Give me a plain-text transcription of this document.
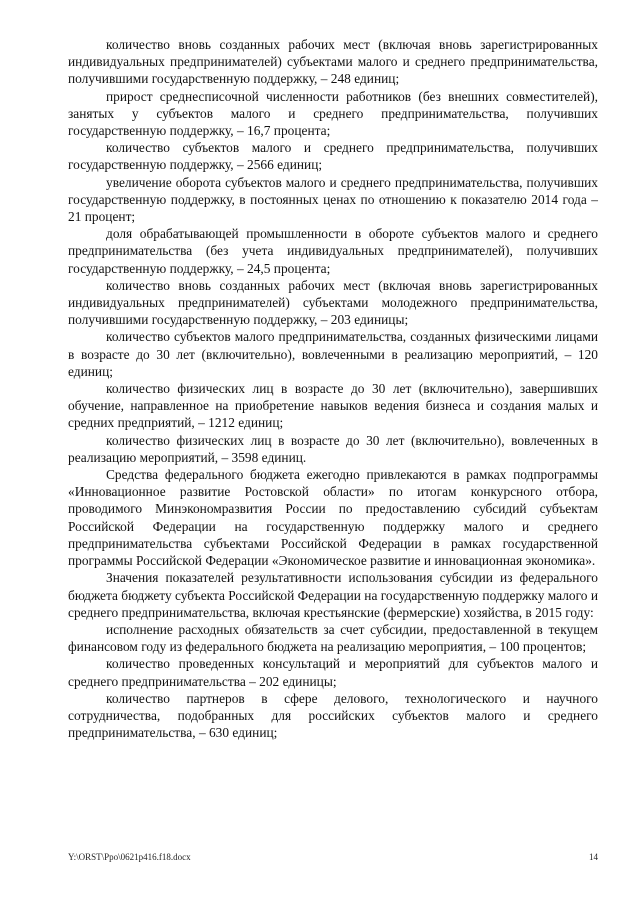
количество вновь созданных рабочих мест (включая вновь зарегистрированных индивидуальных предпринимателей) субъектами малого и среднего предпринимательства, получившими государственную поддержку, – 248 единиц;

прирост среднесписочной численности работников (без внешних совместителей), занятых у субъектов малого и среднего предпринимательства, получивших государственную поддержку, – 16,7 процента;

количество субъектов малого и среднего предпринимательства, получивших государственную поддержку, – 2566 единиц;

увеличение оборота субъектов малого и среднего предпринимательства, получивших государственную поддержку, в постоянных ценах по отношению к показателю 2014 года – 21 процент;

доля обрабатывающей промышленности в обороте субъектов малого и среднего предпринимательства (без учета индивидуальных предпринимателей), получивших государственную поддержку, – 24,5 процента;

количество вновь созданных рабочих мест (включая вновь зарегистрированных индивидуальных предпринимателей) субъектами молодежного предпринимательства, получившими государственную поддержку, – 203 единицы;

количество субъектов малого предпринимательства, созданных физическими лицами в возрасте до 30 лет (включительно), вовлеченными в реализацию мероприятий, – 120 единиц;

количество физических лиц в возрасте до 30 лет (включительно), завершивших обучение, направленное на приобретение навыков ведения бизнеса и создания малых и средних предприятий, – 1212 единиц;

количество физических лиц в возрасте до 30 лет (включительно), вовлеченных в реализацию мероприятий, – 3598 единиц.

Средства федерального бюджета ежегодно привлекаются в рамках подпрограммы «Инновационное развитие Ростовской области» по итогам конкурсного отбора, проводимого Минэкономразвития России по предоставлению субсидий субъектам Российской Федерации на государственную поддержку малого и среднего предпринимательства субъектами Российской Федерации в рамках государственной программы Российской Федерации «Экономическое развитие и инновационная экономика».

Значения показателей результативности использования субсидии из федерального бюджета бюджету субъекта Российской Федерации на государственную поддержку малого и среднего предпринимательства, включая крестьянские (фермерские) хозяйства, в 2015 году:

исполнение расходных обязательств за счет субсидии, предоставленной в текущем финансовом году из федерального бюджета на реализацию мероприятия, – 100 процентов;

количество проведенных консультаций и мероприятий для субъектов малого и среднего предпринимательства – 202 единицы;

количество партнеров в сфере делового, технологического и научного сотрудничества, подобранных для российских субъектов малого и среднего предпринимательства, – 630 единиц;

Y:\ORST\Ppo\0621p416.f18.docx	14
